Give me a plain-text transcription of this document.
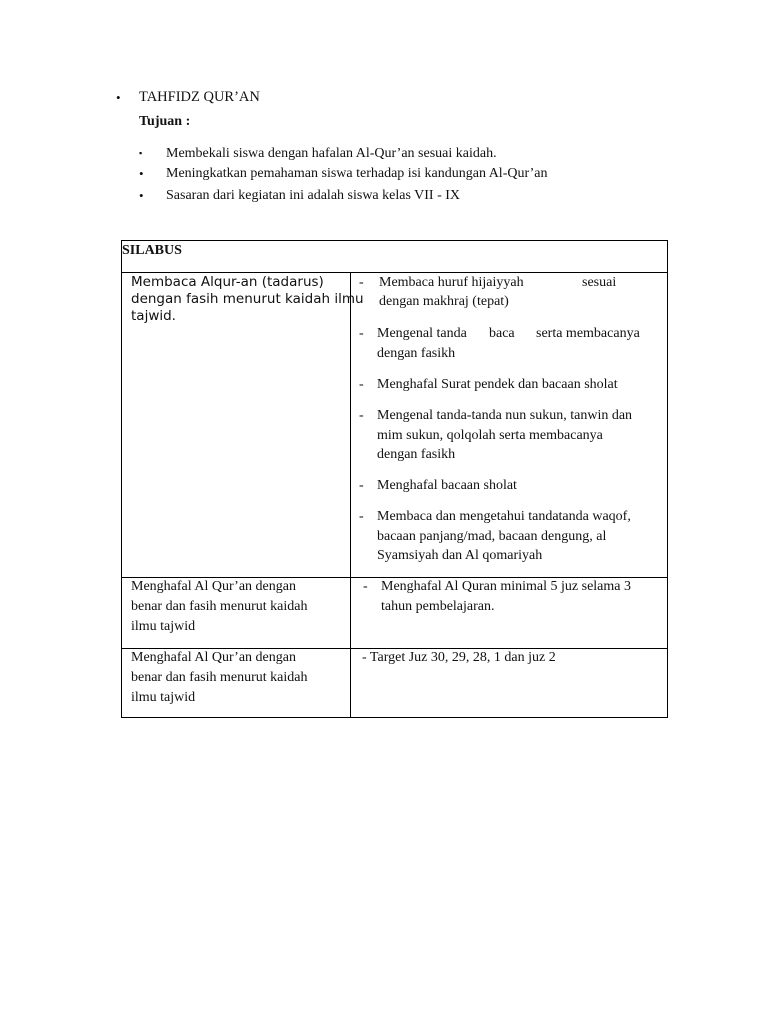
• TAHFIDZ QUR’AN
Tujuan :
▪ Membekali siswa dengan hafalan Al-Qur’an sesuai kaidah.
• Meningkatkan pemahaman siswa terhadap isi kandungan Al-Qur’an
• Sasaran dari kegiatan ini adalah siswa kelas VII - IX
SILABUS
Membaca Alqur-an (tadarus)
dengan fasih menurut kaidah ilmu
tajwid.
- Membaca huruf hijaiyyah	sesuai
dengan makhraj (tepat)
- Mengenal tanda baca serta membacanya
dengan fasikh
- Menghafal Surat pendek dan bacaan sholat
- Mengenal tanda-tanda nun sukun, tanwin dan
mim sukun, qolqolah serta membacanya
dengan fasikh
- Menghafal bacaan sholat
- Membaca dan mengetahui tandatanda waqof,
bacaan panjang/mad, bacaan dengung, al
Syamsiyah dan Al qomariyah
Menghafal Al Qur’an dengan
benar dan fasih menurut kaidah
ilmu tajwid
- Menghafal Al Quran minimal 5 juz selama 3
tahun pembelajaran.
Menghafal Al Qur’an dengan
benar dan fasih menurut kaidah
ilmu tajwid
- Target Juz 30, 29, 28, 1 dan juz 2
